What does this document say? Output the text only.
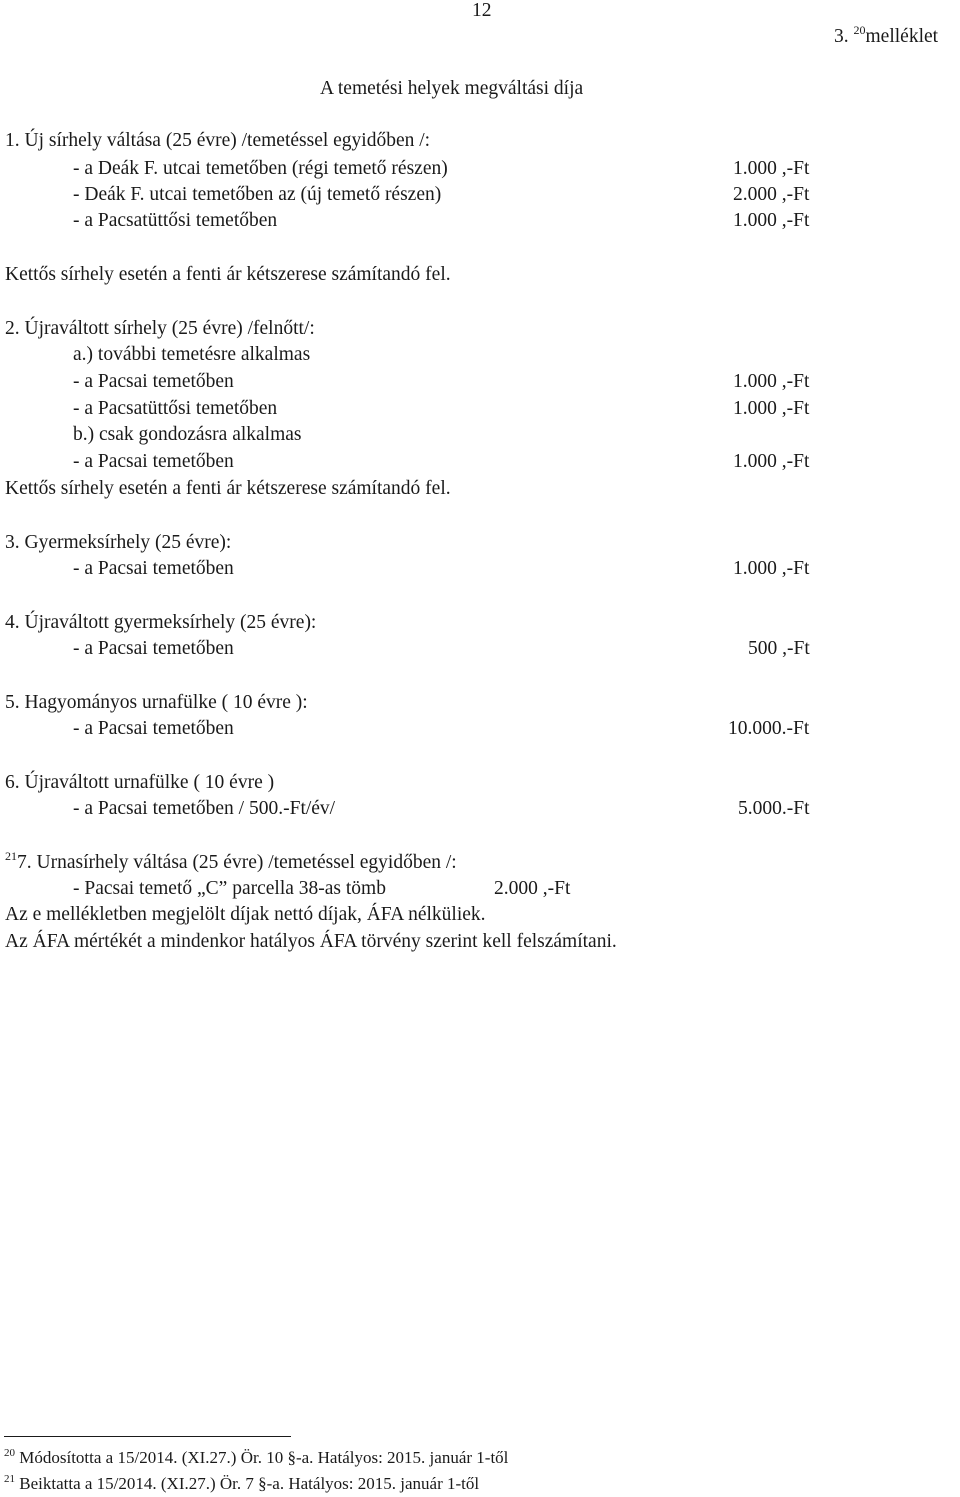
12
3. $^{20}$melléklet
A temetési helyek megváltási díja
1. Új sírhely váltása (25 évre) /temetéssel egyidőben /:
- a Deák F. utcai temetőben (régi temető részen)	1.000 ,-Ft
- Deák F. utcai temetőben az (új temető részen)	2.000 ,-Ft
- a Pacsatüttősi temetőben	1.000 ,-Ft
Kettős sírhely esetén a fenti ár kétszerese számítandó fel.
2. Újraváltott sírhely (25 évre) /felnőtt/:
a.) további temetésre alkalmas
- a Pacsai temetőben	1.000 ,-Ft
- a Pacsatüttősi temetőben	1.000 ,-Ft
b.) csak gondozásra alkalmas
- a Pacsai temetőben	1.000 ,-Ft
Kettős sírhely esetén a fenti ár kétszerese számítandó fel.
3. Gyermeksírhely (25 évre):
- a Pacsai temetőben	1.000 ,-Ft
4. Újraváltott gyermeksírhely (25 évre):
- a Pacsai temetőben	500 ,-Ft
5. Hagyományos urnafülke ( 10 évre ):
- a Pacsai temetőben	10.000.-Ft
6. Újraváltott urnafülke ( 10 évre )
- a Pacsai temetőben / 500.-Ft/év/	5.000.-Ft
$^{21}$7. Urnasírhely váltása (25 évre) /temetéssel egyidőben /:
- Pacsai temető „C” parcella 38-as tömb	2.000 ,-Ft
Az e mellékletben megjelölt díjak nettó díjak, ÁFA nélküliek.
Az ÁFA mértékét a mindenkor hatályos ÁFA törvény szerint kell felszámítani.
$^{20}$ Módosította a 15/2014. (XI.27.) Ör. 10 §-a. Hatályos: 2015. január 1-től
$^{21}$ Beiktatta a 15/2014. (XI.27.) Ör. 7 §-a. Hatályos: 2015. január 1-től
